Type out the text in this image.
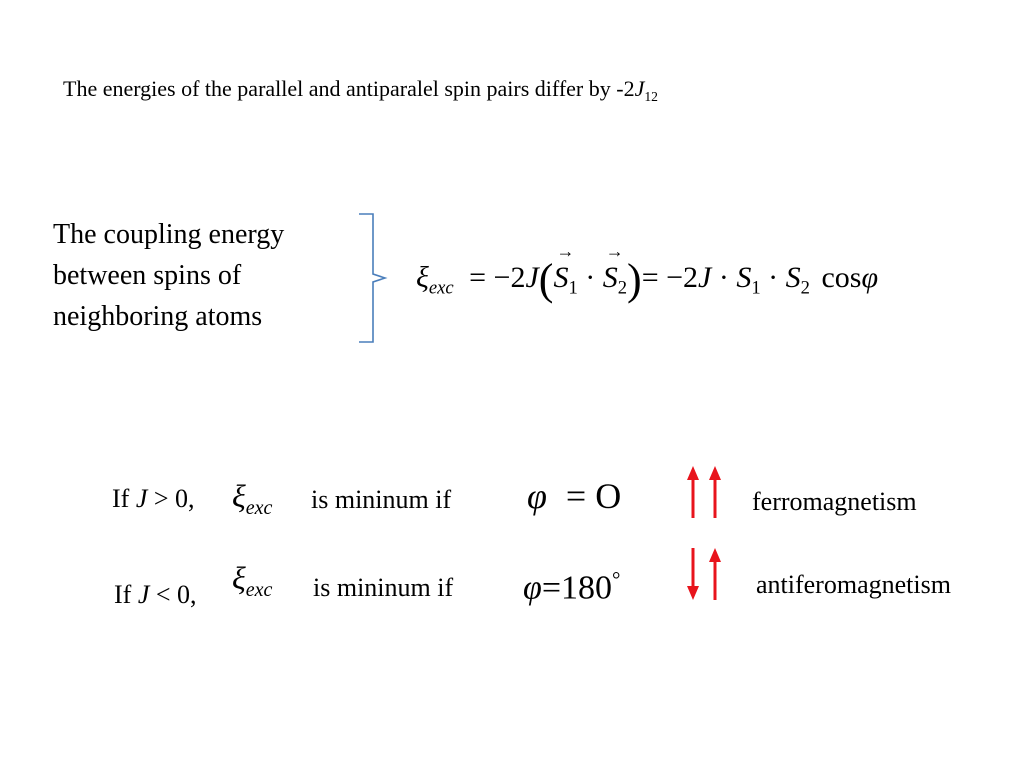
The energies of the parallel and antiparalel spin pairs differ by $-2J_{12}$
The coupling energy
between spins of
neighboring atoms
$\xi_{exc} = -2J(\to S_1$ · → $S_2)= -2J \cdot S_1 \cdot S_2$ cosφ
If J > 0, $\xi_{exc}$ is mininum if φ = O	ferromagnetism
If J < 0, $\xi_{exc}$ is mininum if φ=180°	antiferomagnetism
